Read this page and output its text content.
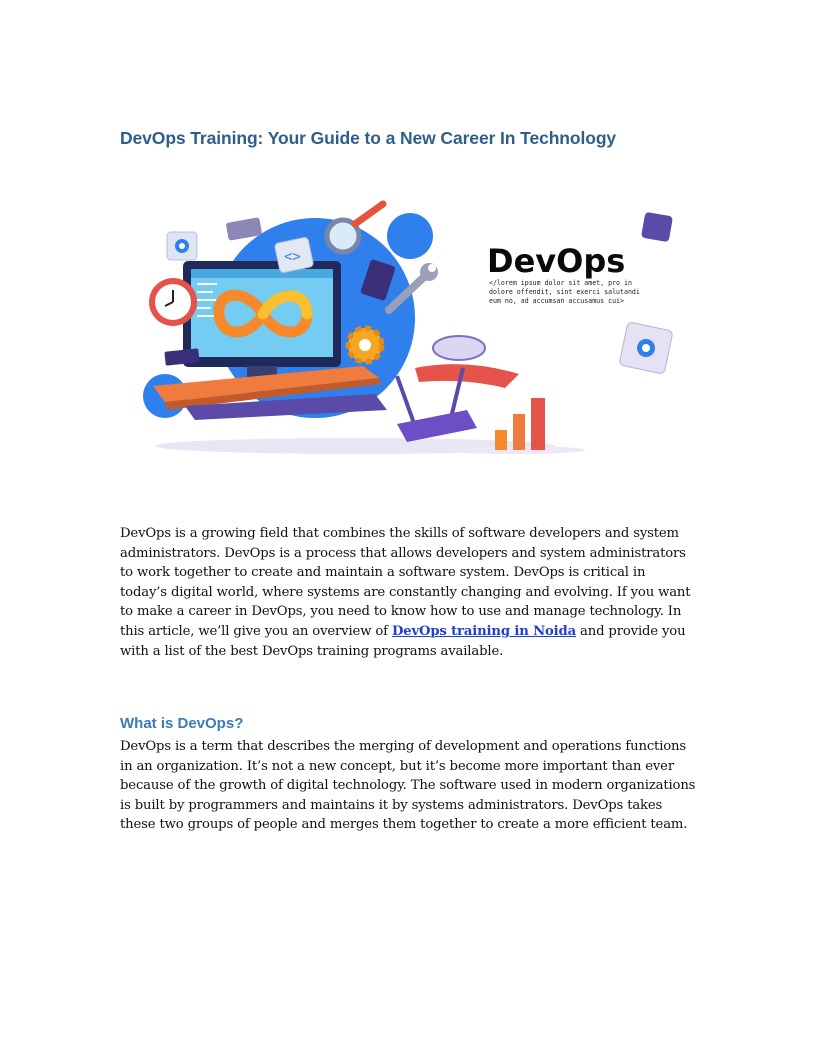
DevOps Training: Your Guide to a New Career In Technology
<>	DevOps
</lorem ipsum dolor sit amet, pro in
dolore offendit, sint exerci salutandi
eum no, ad accumsan accusamus cui>

DevOps is a growing field that combines the skills of software developers and system administrators. DevOps is a process that allows developers and system administrators to work together to create and maintain a software system. DevOps is critical in today’s digital world, where systems are constantly changing and evolving. If you want to make a career in DevOps, you need to know how to use and manage technology. In this article, we’ll give you an overview of DevOps training in Noida and provide you with a list of the best DevOps training programs available.

What is DevOps?

DevOps is a term that describes the merging of development and operations functions in an organization. It’s not a new concept, but it’s become more important than ever because of the growth of digital technology. The software used in modern organizations is built by programmers and maintains it by systems administrators. DevOps takes these two groups of people and merges them together to create a more efficient team.
